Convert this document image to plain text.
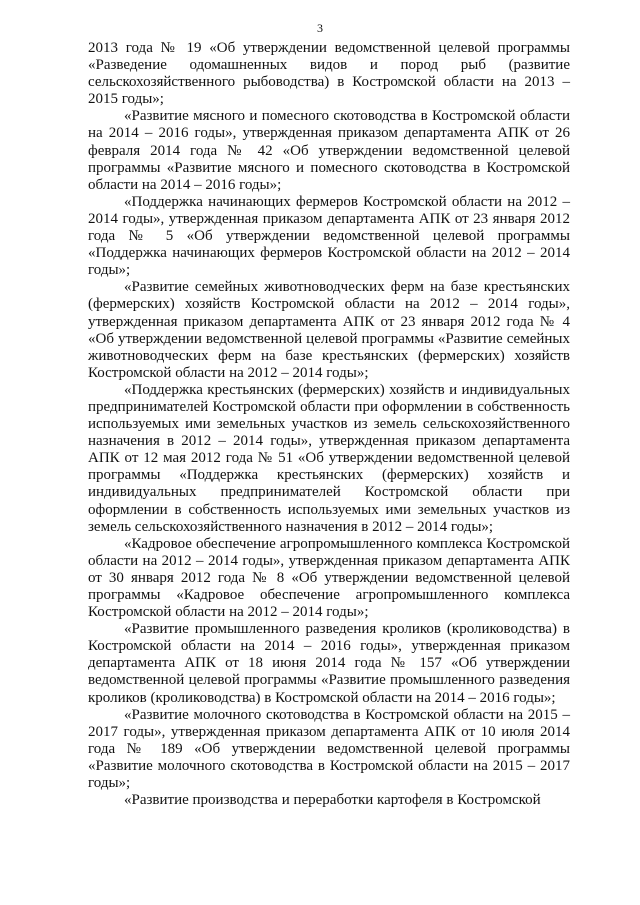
3

2013 года № 19 «Об утверждении ведомственной целевой программы «Разведение одомашненных видов и пород рыб (развитие сельскохозяйственного рыбоводства) в Костромской области на 2013 – 2015 годы»;

«Развитие мясного и помесного скотоводства в Костромской области на 2014 – 2016 годы», утвержденная приказом департамента АПК от 26 февраля 2014 года № 42 «Об утверждении ведомственной целевой программы «Развитие мясного и помесного скотоводства в Костромской области на 2014 – 2016 годы»;

«Поддержка начинающих фермеров Костромской области на 2012 – 2014 годы», утвержденная приказом департамента АПК от 23 января 2012 года № 5 «Об утверждении ведомственной целевой программы «Поддержка начинающих фермеров Костромской области на 2012 – 2014 годы»;

«Развитие семейных животноводческих ферм на базе крестьянских (фермерских) хозяйств Костромской области на 2012 – 2014 годы», утвержденная приказом департамента АПК от 23 января 2012 года № 4 «Об утверждении ведомственной целевой программы «Развитие семейных животноводческих ферм на базе крестьянских (фермерских) хозяйств Костромской области на 2012 – 2014 годы»;

«Поддержка крестьянских (фермерских) хозяйств и индивидуальных предпринимателей Костромской области при оформлении в собственность используемых ими земельных участков из земель сельскохозяйственного назначения в 2012 – 2014 годы», утвержденная приказом департамента АПК от 12 мая 2012 года № 51 «Об утверждении ведомственной целевой программы «Поддержка крестьянских (фермерских) хозяйств и индивидуальных предпринимателей Костромской области при оформлении в собственность используемых ими земельных участков из земель сельскохозяйственного назначения в 2012 – 2014 годы»;

«Кадровое обеспечение агропромышленного комплекса Костромской области на 2012 – 2014 годы», утвержденная приказом департамента АПК от 30 января 2012 года № 8 «Об утверждении ведомственной целевой программы «Кадровое обеспечение агропромышленного комплекса Костромской области на 2012 – 2014 годы»;

«Развитие промышленного разведения кроликов (кролиководства) в Костромской области на 2014 – 2016 годы», утвержденная приказом департамента АПК от 18 июня 2014 года № 157 «Об утверждении ведомственной целевой программы «Развитие промышленного разведения кроликов (кролиководства) в Костромской области на 2014 – 2016 годы»;

«Развитие молочного скотоводства в Костромской области на 2015 – 2017 годы», утвержденная приказом департамента АПК от 10 июля 2014 года № 189 «Об утверждении ведомственной целевой программы «Развитие молочного скотоводства в Костромской области на 2015 – 2017 годы»;

«Развитие производства и переработки картофеля в Костромской
